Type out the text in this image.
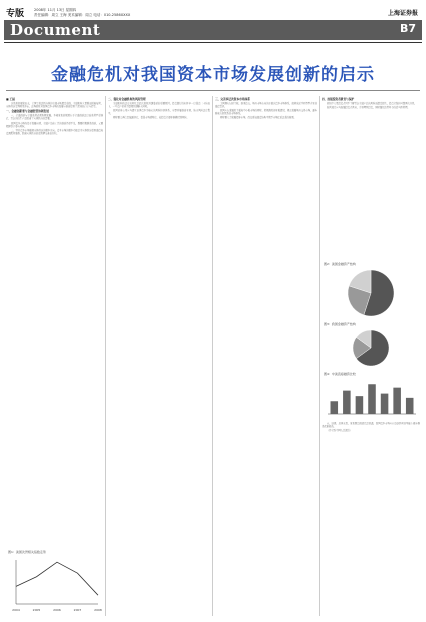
专版	2008年 11月 13日 星期四
责任编辑：周立 王海 美术编辑：周立 电话：010-2586XXXX	上海证券报
Document	B7
金融危机对我国资本市场发展创新的启示
■ 王晨

次贷危机爆发以来，美国等发达经济体的金融市场遭受重创，金融机构大量倒闭或被接管，实体经济受到明显冲击。这场危机对我国资本市场的发展与创新提供了深刻的启示与借鉴。

一、金融创新要与金融监管协调发展

一、金融创新与金融监管必须协调发展。本轮危机的根源在于金融创新过度而监管严重滞后，复杂的衍生产品脱离了实体经济的需要。

我国资本市场尚处于发展初期，金融产品和工具的创新仍显不足，既要积极推进创新，又要把握好节奏与风险。

二、坚持资本市场服务实体经济的根本方向。资本市场的根本功能是为实体经济提供融资和资源配置服务，脱离实体经济的虚拟繁荣难以持续。

二、强化对金融机构的风险管理

金融机构的过度杠杆化是此次危机迅速蔓延的重要原因。投资银行的杠杆率一度高达三十倍以上，一旦资产价格下跌便迅速陷入困境。

我国证券公司应当建立以净资本为核心的风险控制体系，审慎开展创新业务，防止风险过度集中。

同时要完善信息披露制度，提高市场透明度，使投资者能够准确识别风险。

三、完善多层次资本市场体系

美国拥有包括主板、纳斯达克、场外市场在内的多层次资本市场体系，能够满足不同类型企业的融资需求。

我国应在发展好主板和中小板市场的同时，积极推进创业板建设，规范发展场外交易市场，逐步形成有机联系的市场体系。

同时要大力发展债券市场，改变直接融资结构中股票市场比重过高的局面。

四、加强投资者教育与保护

危机中大量投资者因不了解复杂金融产品的风险而遭受损失，投资者保护问题再次凸显。

监管部门应当加强投资者教育，引导理性投资，同时强化销售环节的适当性管理。

五、结语。总体来看，危机既是挑战也是机遇，我国资本市场应在总结经验的基础上稳步推进改革创新。

（作者系中国人民银行）

图1：美国次贷相关指数走势
2004	2005	2006	2007	2008
图2：美国金融资产结构
图3：我国金融资产结构
图4：中美直接融资比较
